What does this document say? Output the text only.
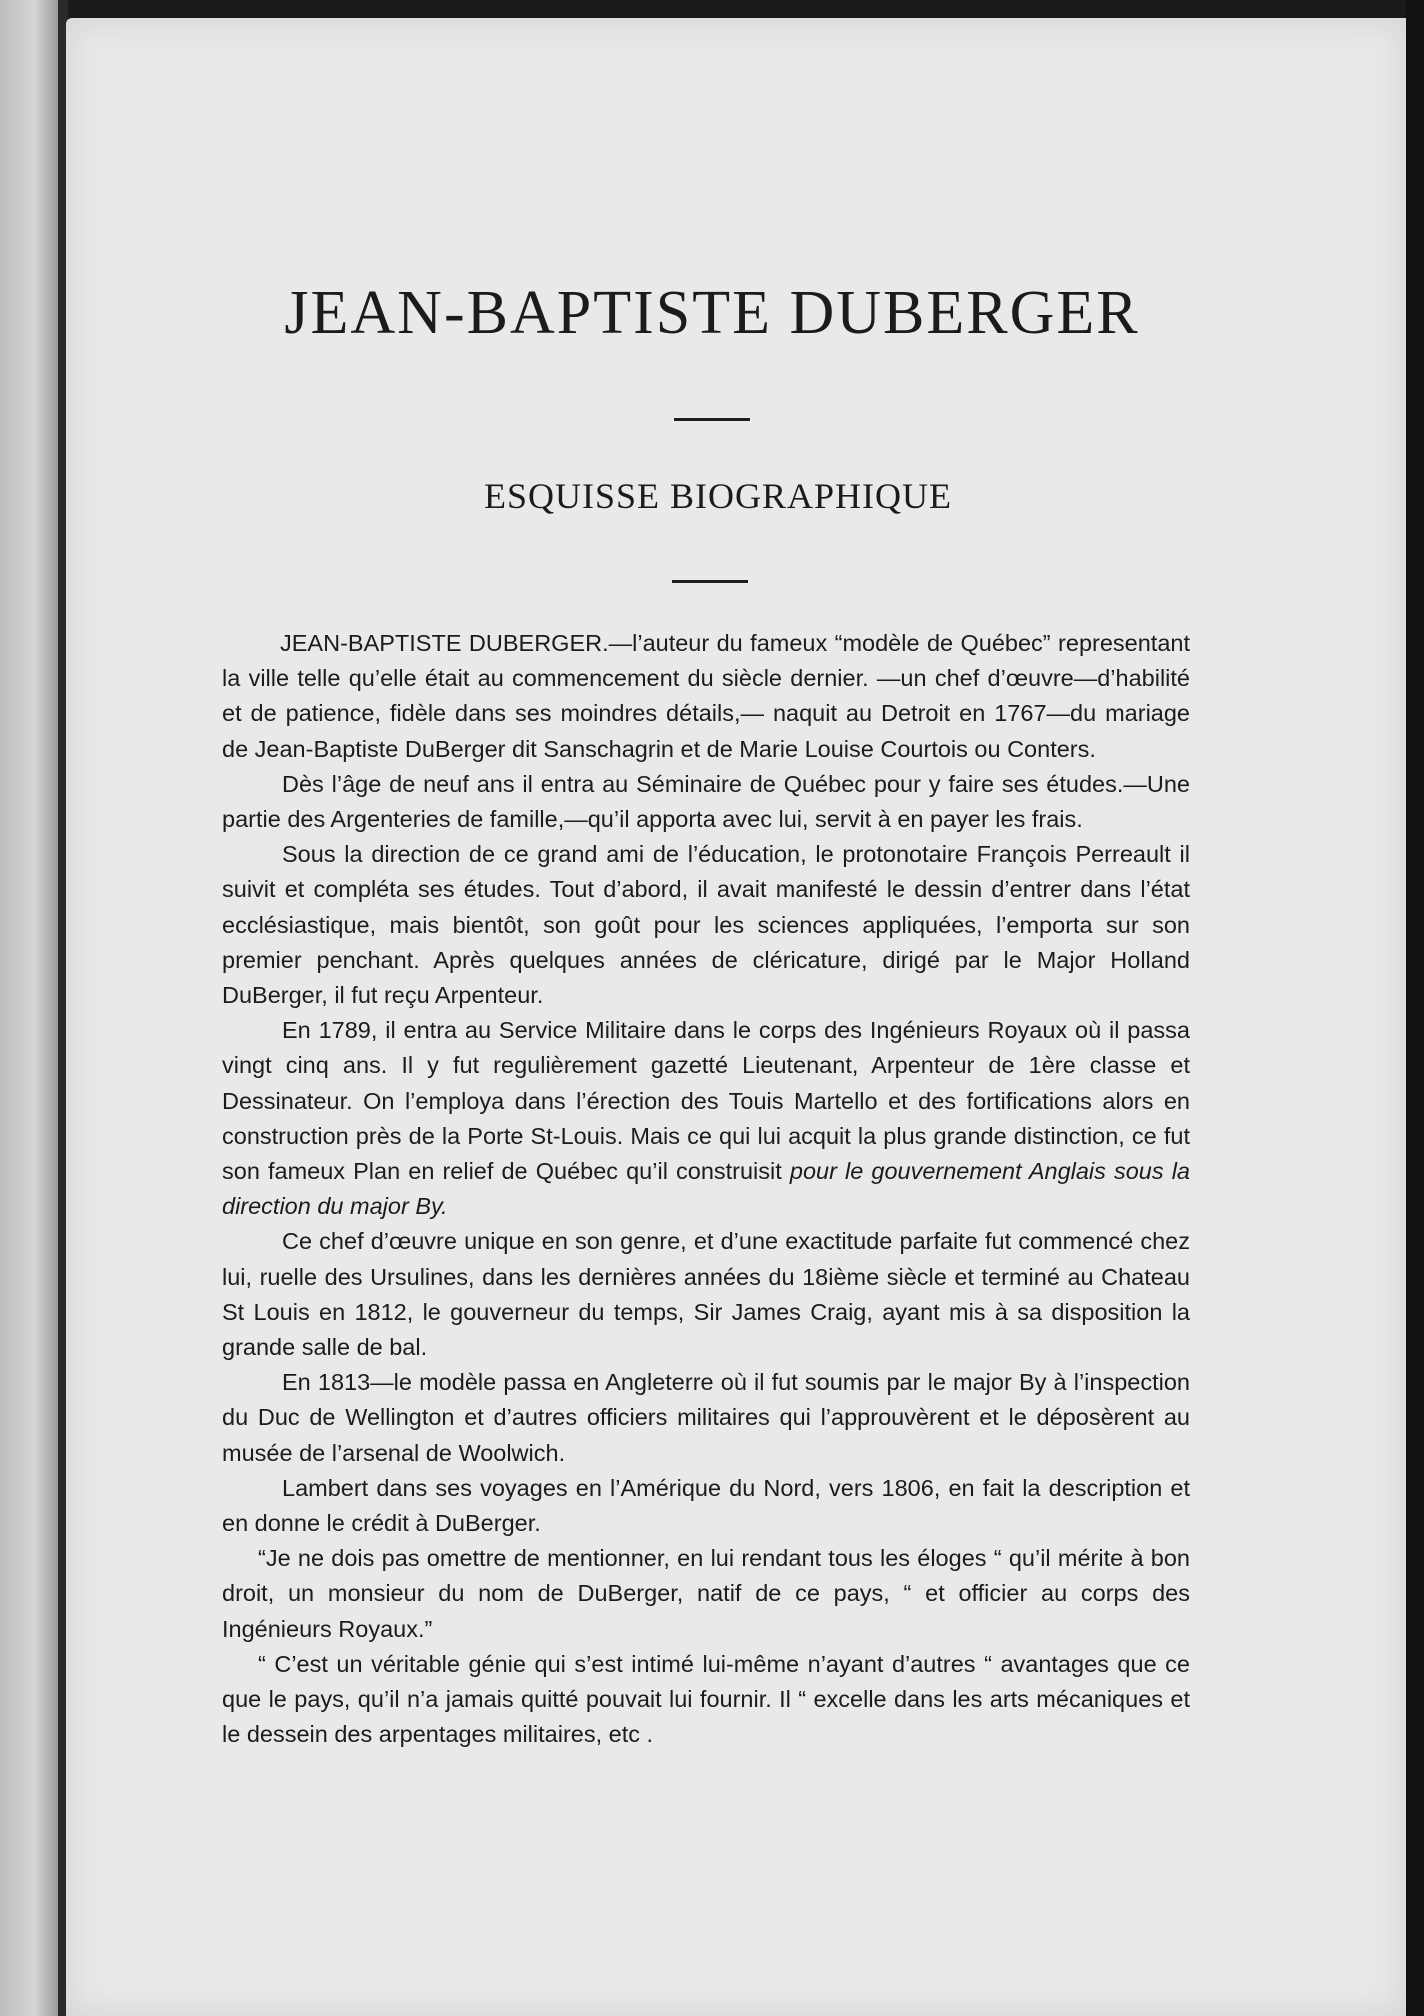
JEAN-BAPTISTE DUBERGER
ESQUISSE BIOGRAPHIQUE

JEAN-BAPTISTE DUBERGER.—l’auteur du fameux “modèle de Québec” representant la ville telle qu’elle était au commencement du siècle dernier. —un chef d’œuvre—d’habilité et de patience, fidèle dans ses moindres détails,— naquit au Detroit en 1767—du mariage de Jean-Baptiste DuBerger dit Sanschagrin et de Marie Louise Courtois ou Conters.

Dès l’âge de neuf ans il entra au Séminaire de Québec pour y faire ses études.—Une partie des Argenteries de famille,—qu’il apporta avec lui, servit à en payer les frais.

Sous la direction de ce grand ami de l’éducation, le protonotaire François Perreault il suivit et compléta ses études. Tout d’abord, il avait manifesté le dessin d’entrer dans l’état ecclésiastique, mais bientôt, son goût pour les sciences appliquées, l’emporta sur son premier penchant. Après quelques années de cléricature, dirigé par le Major Holland DuBerger, il fut reçu Arpenteur.

En 1789, il entra au Service Militaire dans le corps des Ingénieurs Royaux où il passa vingt cinq ans. Il y fut regulièrement gazetté Lieutenant, Arpenteur de 1ère classe et Dessinateur. On l’employa dans l’érection des Touis Martello et des fortifications alors en construction près de la Porte St-Louis. Mais ce qui lui acquit la plus grande distinction, ce fut son fameux Plan en relief de Québec qu’il construisit pour le gouvernement Anglais sous la direction du major By.

Ce chef d’œuvre unique en son genre, et d’une exactitude parfaite fut commencé chez lui, ruelle des Ursulines, dans les dernières années du 18ième siècle et terminé au Chateau St Louis en 1812, le gouverneur du temps, Sir James Craig, ayant mis à sa disposition la grande salle de bal.

En 1813—le modèle passa en Angleterre où il fut soumis par le major By à l’inspection du Duc de Wellington et d’autres officiers militaires qui l’approuvèrent et le déposèrent au musée de l’arsenal de Woolwich.

Lambert dans ses voyages en l’Amérique du Nord, vers 1806, en fait la description et en donne le crédit à DuBerger.

“Je ne dois pas omettre de mentionner, en lui rendant tous les éloges “ qu’il mérite à bon droit, un monsieur du nom de DuBerger, natif de ce pays, “ et officier au corps des Ingénieurs Royaux.”

“ C’est un véritable génie qui s’est intimé lui-même n’ayant d’autres “ avantages que ce que le pays, qu’il n’a jamais quitté pouvait lui fournir. Il “ excelle dans les arts mécaniques et le dessein des arpentages militaires, etc .
